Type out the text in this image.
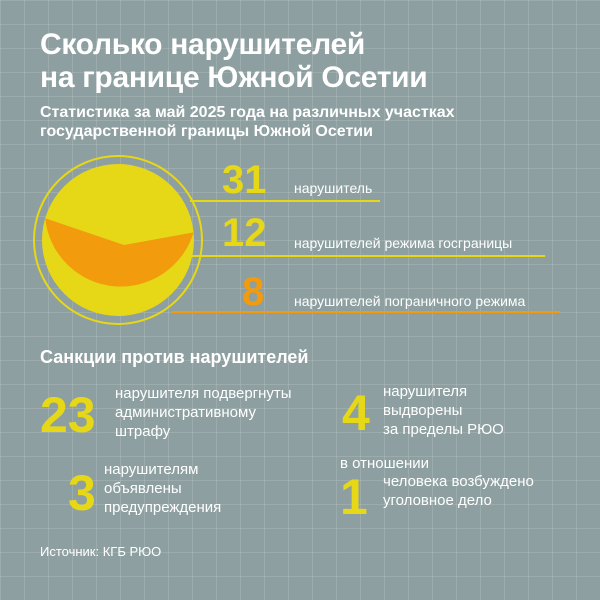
Сколько нарушителей
на границе Южной Осетии
Статистика за май 2025 года на различных участках
государственной границы Южной Осетии
31 нарушитель
12 нарушителей режима госграницы
8 нарушителей пограничного режима
Санкции против нарушителей
23 нарушителя подвергнуты
административному
штрафу	4 нарушителя
выдворены
за пределы РЮО
3 нарушителям
объявлены
предупреждения
в отношении
1 человека возбуждено
уголовное дело
Источник: КГБ РЮО
